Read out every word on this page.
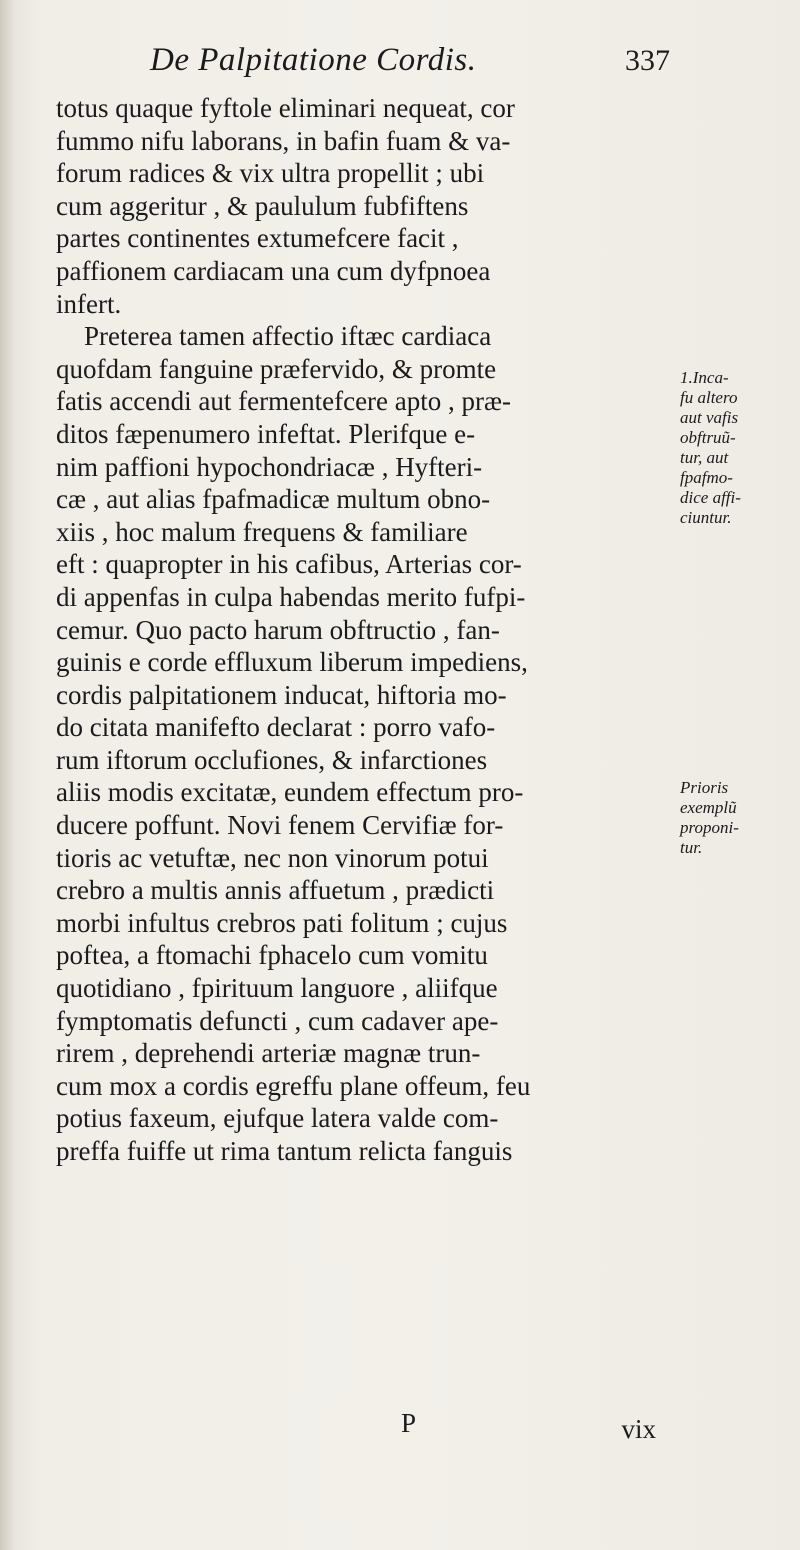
De Palpitatione Cordis.	337
totus quaque fyftole eliminari nequeat, cor
fummo nifu laborans, in bafin fuam & va-
forum radices & vix ultra propellit ; ubi
cum aggeritur , & paululum fubfiftens
partes continentes extumefcere facit ,
paffionem cardiacam una cum dyfpnoea
infert.
Preterea tamen affectio iftæc cardiaca
quofdam fanguine præfervido, & promte
fatis accendi aut fermentefcere apto , præ-
ditos fæpenumero infeftat. Plerifque e-
nim paffioni hypochondriacæ , Hyfteri-
cæ , aut alias fpafmadicæ multum obno-
xiis , hoc malum frequens & familiare
eft : quapropter in his cafibus, Arterias cor-
di appenfas in culpa habendas merito fufpi-
cemur. Quo pacto harum obftructio , fan-
guinis e corde effluxum liberum impediens,
cordis palpitationem inducat, hiftoria mo-
do citata manifefto declarat : porro vafo-
rum iftorum occlufiones, & infarctiones
aliis modis excitatæ, eundem effectum pro-
ducere poffunt. Novi fenem Cervifiæ for-
tioris ac vetuftæ, nec non vinorum potui
crebro a multis annis affuetum , prædicti
morbi infultus crebros pati folitum ; cujus
poftea, a ftomachi fphacelo cum vomitu
quotidiano , fpirituum languore , aliifque
fymptomatis defuncti , cum cadaver ape-
rirem , deprehendi arteriæ magnæ trun-
cum mox a cordis egreffu plane offeum, feu
potius faxeum, ejufque latera valde com-
preffa fuiffe ut rima tantum relicta fanguis
1.Inca-
fu altero
aut vafis
obftruũ-
tur, aut
fpafmo-
dice affi-
ciuntur.
Prioris
exemplũ
proponi-
tur.
P	vix
